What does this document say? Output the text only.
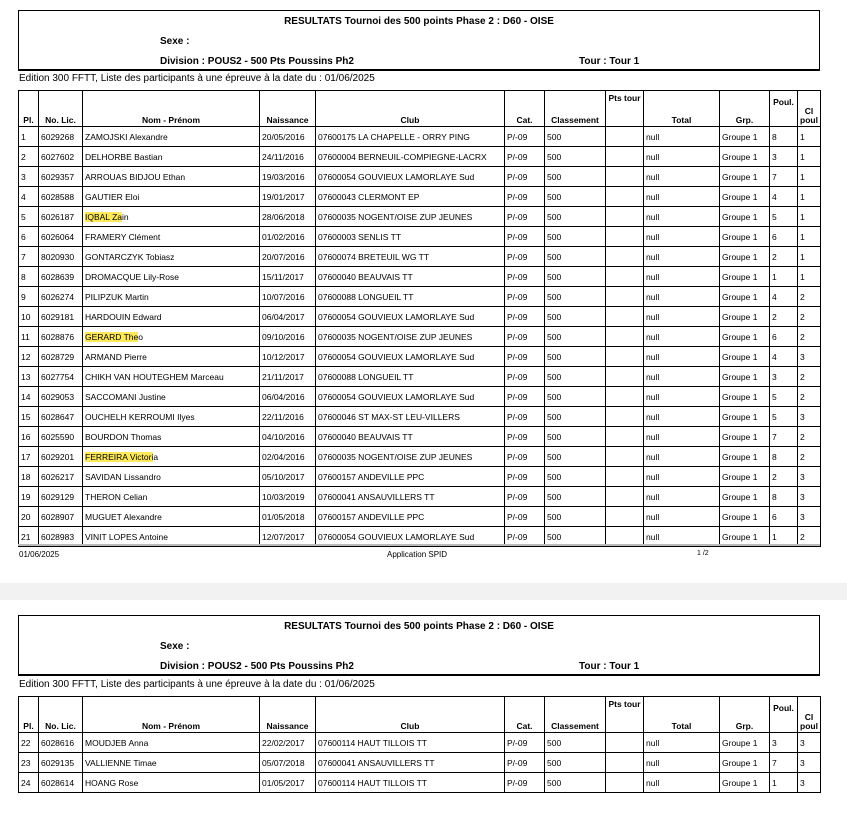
RESULTATS Tournoi des 500 points Phase 2 : D60 - OISE
Sexe :
Division : POUS2 - 500 Pts Poussins Ph2	Tour : Tour 1
Edition 300 FFTT, Liste des participants à une épreuve à la date du : 01/06/2025
Pl.	No. Lic.	Nom - Prénom	Naissance	Club	Cat.	Classement	Pts tour	Total	Grp.	Poul.	Cl
poul
1	6029268	ZAMOJSKI Alexandre	20/05/2016	07600175 LA CHAPELLE - ORRY PING	P/-09	500		null	Groupe 1	8	1
2	6027602	DELHORBE Bastian	24/11/2016	07600004 BERNEUIL-COMPIEGNE-LACRX	P/-09	500		null	Groupe 1	3	1
3	6029357	ARROUAS BIDJOU Ethan	19/03/2016	07600054 GOUVIEUX LAMORLAYE Sud	P/-09	500		null	Groupe 1	7	1
4	6028588	GAUTIER Eloi	19/01/2017	07600043 CLERMONT EP	P/-09	500		null	Groupe 1	4	1
5	6026187	IQBAL Zain	28/06/2018	07600035 NOGENT/OISE ZUP JEUNES	P/-09	500		null	Groupe 1	5	1
6	6026064	FRAMERY Clément	01/02/2016	07600003 SENLIS TT	P/-09	500		null	Groupe 1	6	1
7	8020930	GONTARCZYK Tobiasz	20/07/2016	07600074 BRETEUIL WG TT	P/-09	500		null	Groupe 1	2	1
8	6028639	DROMACQUE Lily-Rose	15/11/2017	07600040 BEAUVAIS TT	P/-09	500		null	Groupe 1	1	1
9	6026274	PILIPZUK Martin	10/07/2016	07600088 LONGUEIL TT	P/-09	500		null	Groupe 1	4	2
10	6029181	HARDOUIN Edward	06/04/2017	07600054 GOUVIEUX LAMORLAYE Sud	P/-09	500		null	Groupe 1	2	2
11	6028876	GERARD Theo	09/10/2016	07600035 NOGENT/OISE ZUP JEUNES	P/-09	500		null	Groupe 1	6	2
12	6028729	ARMAND Pierre	10/12/2017	07600054 GOUVIEUX LAMORLAYE Sud	P/-09	500		null	Groupe 1	4	3
13	6027754	CHIKH VAN HOUTEGHEM Marceau	21/11/2017	07600088 LONGUEIL TT	P/-09	500		null	Groupe 1	3	2
14	6029053	SACCOMANI Justine	06/04/2016	07600054 GOUVIEUX LAMORLAYE Sud	P/-09	500		null	Groupe 1	5	2
15	6028647	OUCHELH KERROUMI Ilyes	22/11/2016	07600046 ST MAX-ST LEU-VILLERS	P/-09	500		null	Groupe 1	5	3
16	6025590	BOURDON Thomas	04/10/2016	07600040 BEAUVAIS TT	P/-09	500		null	Groupe 1	7	2
17	6029201	FERREIRA Victoria	02/04/2016	07600035 NOGENT/OISE ZUP JEUNES	P/-09	500		null	Groupe 1	8	2
18	6026217	SAVIDAN Lissandro	05/10/2017	07600157 ANDEVILLE PPC	P/-09	500		null	Groupe 1	2	3
19	6029129	THERON Celian	10/03/2019	07600041 ANSAUVILLERS TT	P/-09	500		null	Groupe 1	8	3
20	6028907	MUGUET Alexandre	01/05/2018	07600157 ANDEVILLE PPC	P/-09	500		null	Groupe 1	6	3
21	6028983	VINIT LOPES Antoine	12/07/2017	07600054 GOUVIEUX LAMORLAYE Sud	P/-09	500		null	Groupe 1	1	2
01/06/2025	Application SPID	1 /2
RESULTATS Tournoi des 500 points Phase 2 : D60 - OISE
Sexe :
Division : POUS2 - 500 Pts Poussins Ph2	Tour : Tour 1
Edition 300 FFTT, Liste des participants à une épreuve à la date du : 01/06/2025
Pl.	No. Lic.	Nom - Prénom	Naissance	Club	Cat.	Classement	Pts tour	Total	Grp.	Poul.	Cl
poul
22	6028616	MOUDJEB Anna	22/02/2017	07600114 HAUT TILLOIS TT	P/-09	500		null	Groupe 1	3	3
23	6029135	VALLIENNE Timae	05/07/2018	07600041 ANSAUVILLERS TT	P/-09	500		null	Groupe 1	7	3
24	6028614	HOANG Rose	01/05/2017	07600114 HAUT TILLOIS TT	P/-09	500		null	Groupe 1	1	3
